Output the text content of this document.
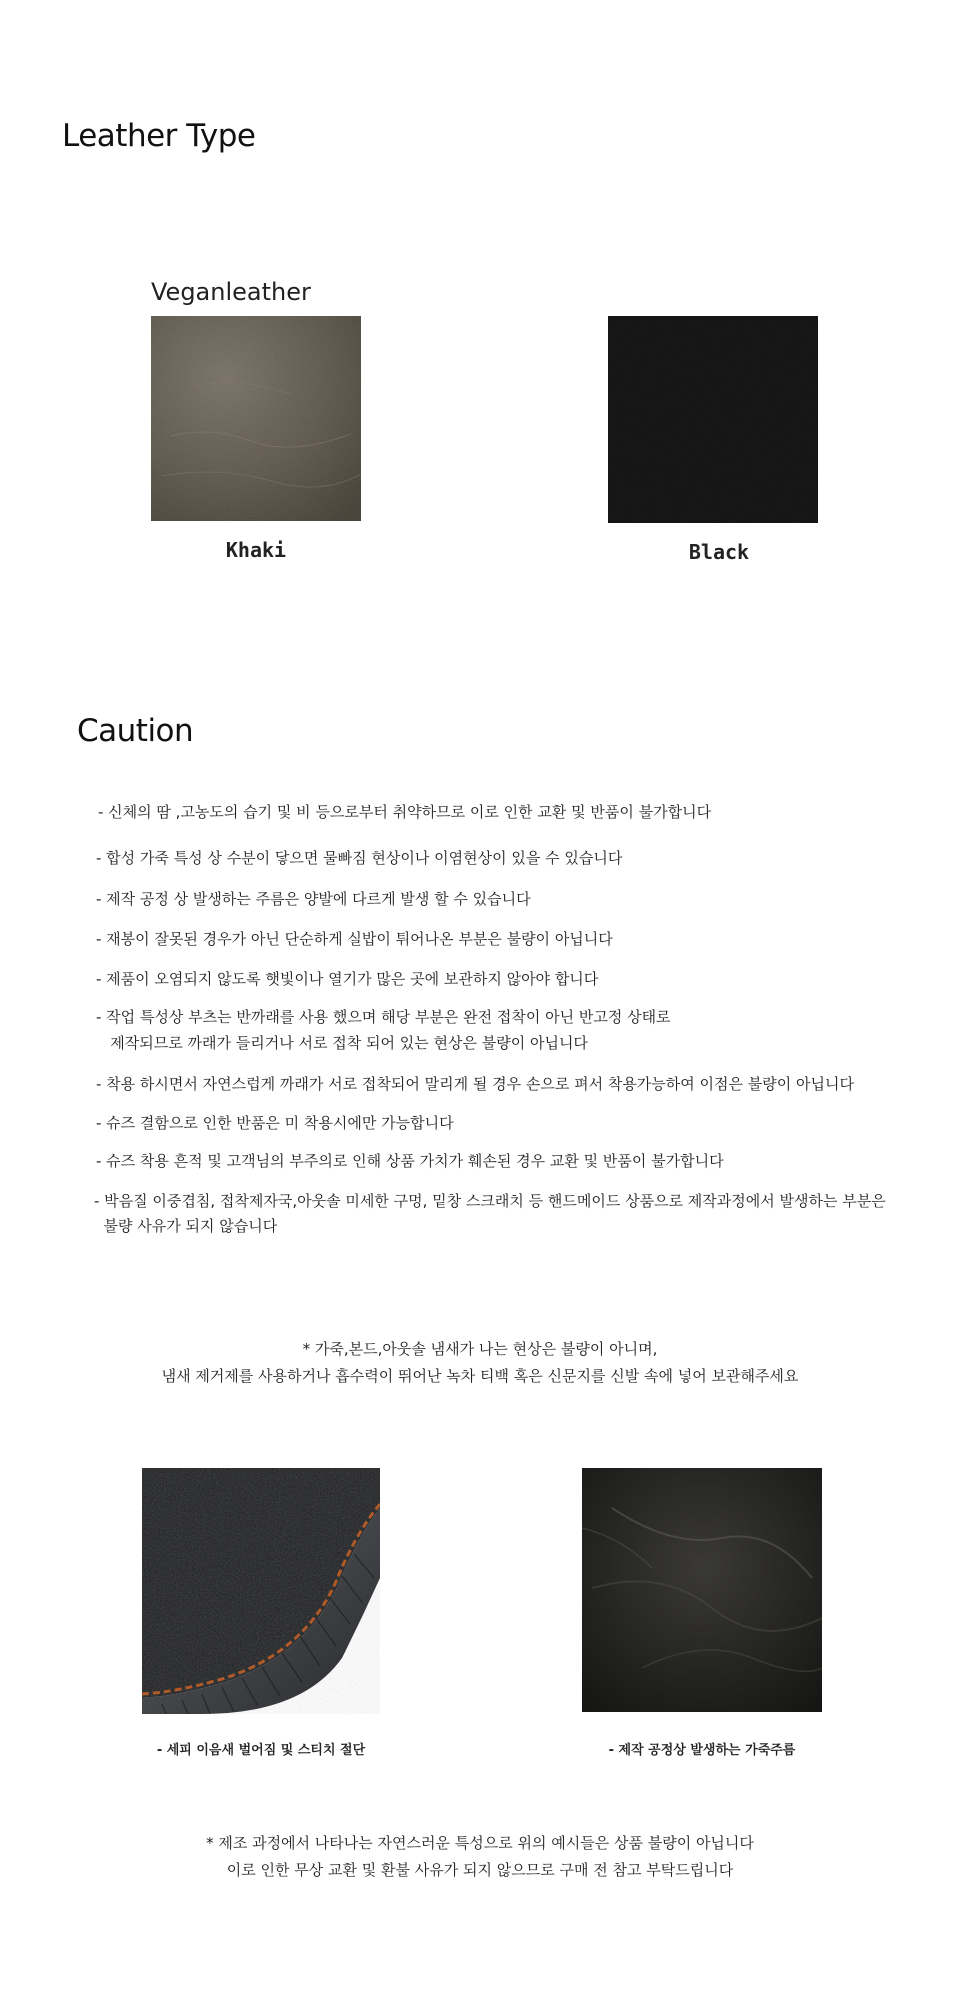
Leather Type
Veganleather
Khaki	Black
Caution
- 신체의 땀 ,고농도의 습기 및 비 등으로부터 취약하므로 이로 인한 교환 및 반품이 불가합니다
- 합성 가죽 특성 상 수분이 닿으면 물빠짐 현상이나 이염현상이 있을 수 있습니다
- 제작 공정 상 발생하는 주름은 양발에 다르게 발생 할 수 있습니다
- 재봉이 잘못된 경우가 아닌 단순하게 실밥이 튀어나온 부분은 불량이 아닙니다
- 제품이 오염되지 않도록 햇빛이나 열기가 많은 곳에 보관하지 않아야 합니다
- 작업 특성상 부츠는 반까래를 사용 했으며 해당 부분은 완전 접착이 아닌 반고정 상태로
제작되므로 까래가 들리거나 서로 접착 되어 있는 현상은 불량이 아닙니다
- 착용 하시면서 자연스럽게 까래가 서로 접착되어 말리게 될 경우 손으로 펴서 착용가능하여 이점은 불량이 아닙니다
- 슈즈 결함으로 인한 반품은 미 착용시에만 가능합니다
- 슈즈 착용 흔적 및 고객님의 부주의로 인해 상품 가치가 훼손된 경우 교환 및 반품이 불가합니다
- 박음질 이중겹침, 접착제자국,아웃솔 미세한 구멍, 밑창 스크래치 등 핸드메이드 상품으로 제작과정에서 발생하는 부분은
불량 사유가 되지 않습니다
* 가죽,본드,아웃솔 냄새가 나는 현상은 불량이 아니며,
냄새 제거제를 사용하거나 흡수력이 뛰어난 녹차 티백 혹은 신문지를 신발 속에 넣어 보관해주세요
- 세피 이음새 벌어짐 및 스티치 절단	- 제작 공정상 발생하는 가죽주름
* 제조 과정에서 나타나는 자연스러운 특성으로 위의 예시들은 상품 불량이 아닙니다
이로 인한 무상 교환 및 환불 사유가 되지 않으므로 구매 전 참고 부탁드립니다
